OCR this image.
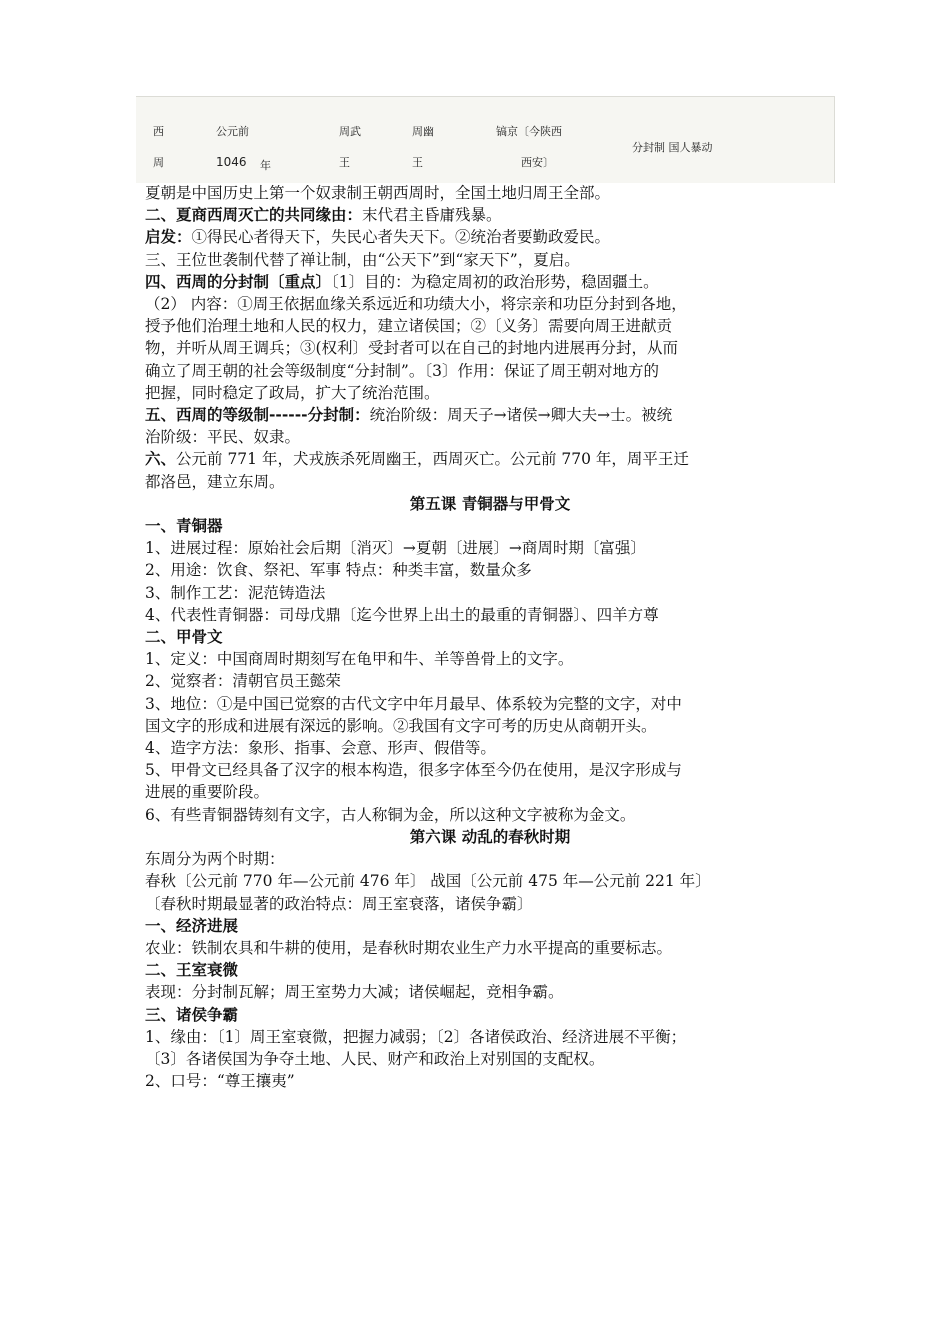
西
周
公元前
1046 年
周武
王
周幽
王
镐京〔今陕西
西安〕
分封制 国人暴动

夏朝是中国历史上第一个奴隶制王朝西周时，全国土地归周王全部。

二、夏商西周灭亡的共同缘由：末代君主昏庸残暴。

启发：①得民心者得天下，失民心者失天下。②统治者要勤政爱民。

三、王位世袭制代替了禅让制，由“公天下”到“家天下”，夏启。

四、西周的分封制〔重点〕〔1〕目的：为稳定周初的政治形势，稳固疆土。

（2） 内容：①周王依据血缘关系远近和功绩大小，将宗亲和功臣分封到各地，

授予他们治理土地和人民的权力，建立诸侯国；②〔义务〕需要向周王进献贡

物，并听从周王调兵；③(权利〕受封者可以在自己的封地内进展再分封，从而

确立了周王朝的社会等级制度“分封制”。〔3〕作用：保证了周王朝对地方的

把握，同时稳定了政局，扩大了统治范围。

五、西周的等级制------分封制：统治阶级：周天子→诸侯→卿大夫→士。被统

治阶级：平民、奴隶。

六、公元前 771 年，犬戎族杀死周幽王，西周灭亡。公元前 770 年，周平王迁

都洛邑，建立东周。

第五课 青铜器与甲骨文

一、青铜器

1、进展过程：原始社会后期〔消灭〕→夏朝〔进展〕→商周时期〔富强〕

2、用途：饮食、祭祀、军事 特点：种类丰富，数量众多

3、制作工艺：泥范铸造法

4、代表性青铜器：司母戊鼎〔迄今世界上出土的最重的青铜器〕、四羊方尊

二、甲骨文

1、定义：中国商周时期刻写在龟甲和牛、羊等兽骨上的文字。

2、觉察者：清朝官员王懿荣

3、地位：①是中国已觉察的古代文字中年月最早、体系较为完整的文字，对中

国文字的形成和进展有深远的影响。②我国有文字可考的历史从商朝开头。

4、造字方法：象形、指事、会意、形声、假借等。

5、甲骨文已经具备了汉字的根本构造，很多字体至今仍在使用，是汉字形成与

进展的重要阶段。

6、有些青铜器铸刻有文字，古人称铜为金，所以这种文字被称为金文。

第六课 动乱的春秋时期

东周分为两个时期：

春秋〔公元前 770 年—公元前 476 年〕 战国〔公元前 475 年—公元前 221 年〕

〔春秋时期最显著的政治特点：周王室衰落，诸侯争霸〕

一、经济进展

农业：铁制农具和牛耕的使用，是春秋时期农业生产力水平提高的重要标志。

二、王室衰微

表现：分封制瓦解；周王室势力大减；诸侯崛起，竞相争霸。

三、诸侯争霸

1、缘由：〔1〕周王室衰微，把握力减弱；〔2〕各诸侯政治、经济进展不平衡；

〔3〕各诸侯国为争夺土地、人民、财产和政治上对别国的支配权。

2、口号：“尊王攘夷”
